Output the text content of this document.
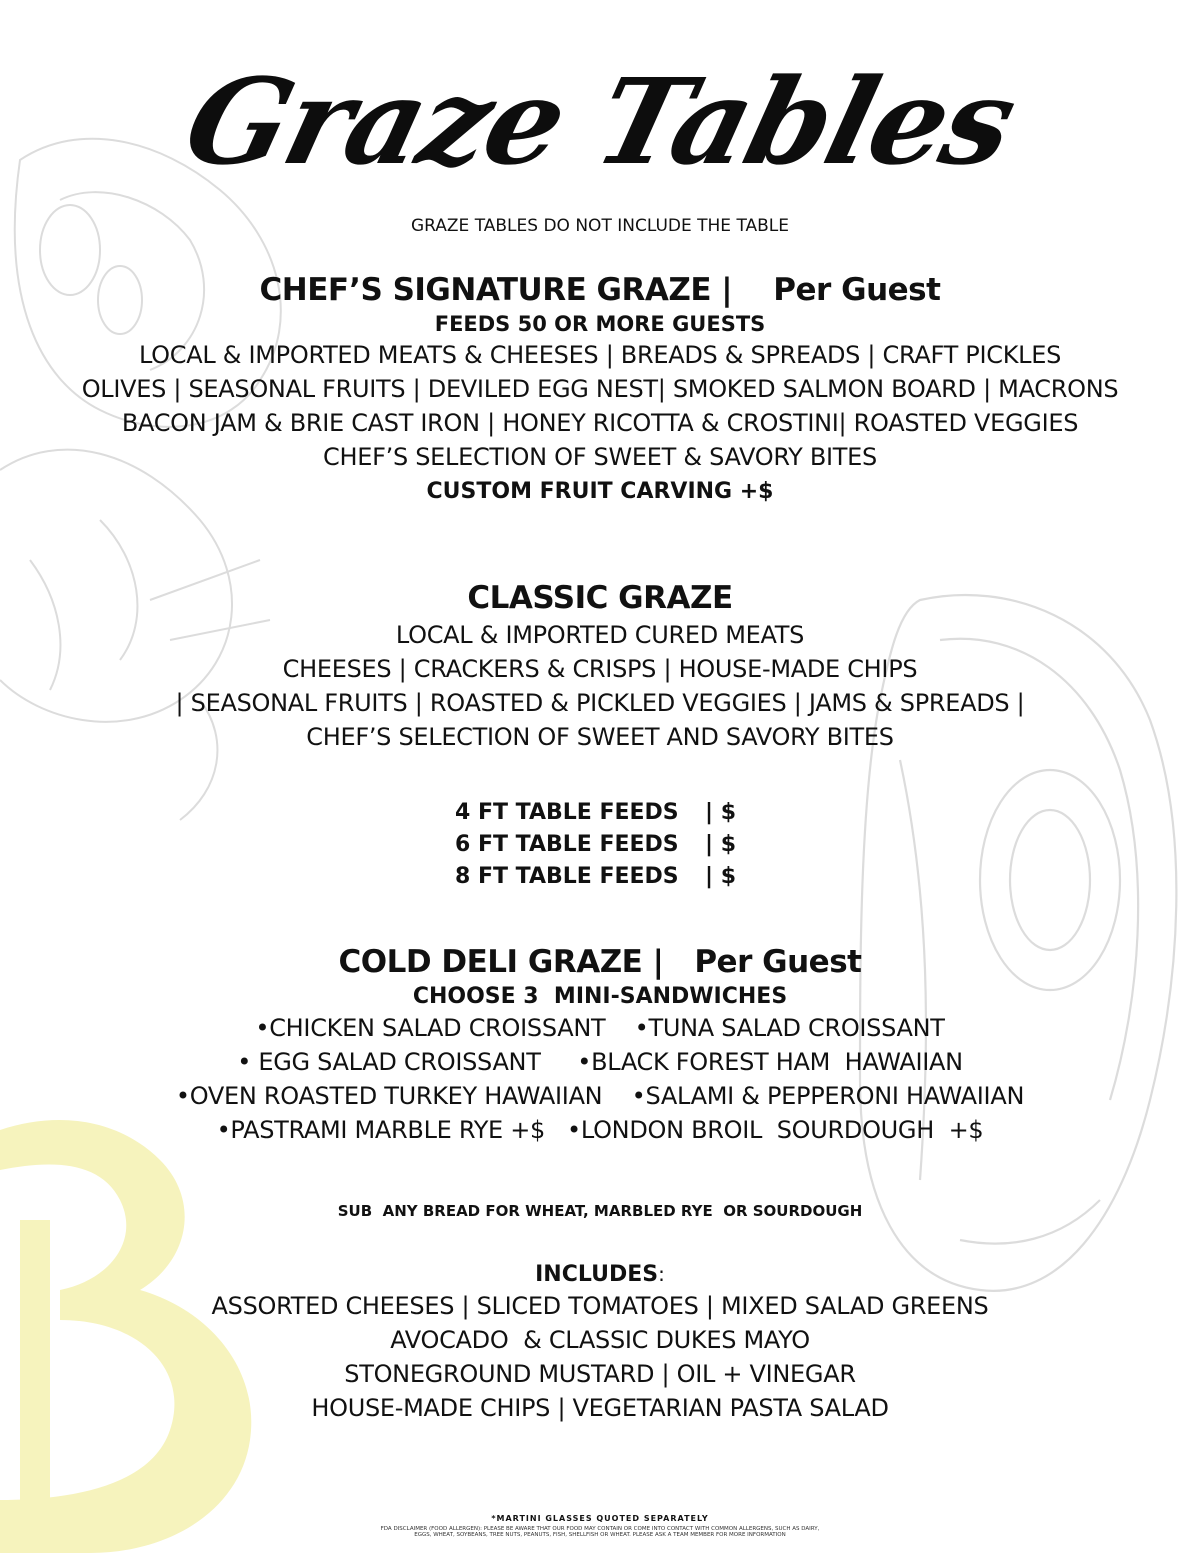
Graze Tables
GRAZE TABLES DO NOT INCLUDE THE TABLE
CHEF’S SIGNATURE GRAZE |    Per Guest
FEEDS 50 OR MORE GUESTS
LOCAL & IMPORTED MEATS & CHEESES | BREADS & SPREADS | CRAFT PICKLES
OLIVES | SEASONAL FRUITS | DEVILED EGG NEST| SMOKED SALMON BOARD | MACRONS
BACON JAM & BRIE CAST IRON | HONEY RICOTTA & CROSTINI| ROASTED VEGGIES
CHEF’S SELECTION OF SWEET & SAVORY BITES
CUSTOM FRUIT CARVING +$
CLASSIC GRAZE
LOCAL & IMPORTED CURED MEATS
CHEESES | CRACKERS & CRISPS | HOUSE-MADE CHIPS
| SEASONAL FRUITS | ROASTED & PICKLED VEGGIES | JAMS & SPREADS |
CHEF’S SELECTION OF SWEET AND SAVORY BITES
4 FT TABLE FEEDS | $
6 FT TABLE FEEDS | $
8 FT TABLE FEEDS | $
COLD DELI GRAZE |   Per Guest
CHOOSE 3  MINI-SANDWICHES
•CHICKEN SALAD CROISSANT    •TUNA SALAD CROISSANT
• EGG SALAD CROISSANT     •BLACK FOREST HAM  HAWAIIAN
•OVEN ROASTED TURKEY HAWAIIAN    •SALAMI & PEPPERONI HAWAIIAN
•PASTRAMI MARBLE RYE +$   •LONDON BROIL  SOURDOUGH  +$
SUB  ANY BREAD FOR WHEAT, MARBLED RYE  OR SOURDOUGH
INCLUDES:
ASSORTED CHEESES | SLICED TOMATOES | MIXED SALAD GREENS
AVOCADO  & CLASSIC DUKES MAYO
STONEGROUND MUSTARD | OIL + VINEGAR
HOUSE-MADE CHIPS | VEGETARIAN PASTA SALAD
*MARTINI GLASSES QUOTED SEPARATELY
FDA DISCLAIMER (FOOD ALLERGEN): PLEASE BE AWARE THAT OUR FOOD MAY CONTAIN OR COME INTO CONTACT WITH COMMON ALLERGENS, SUCH AS DAIRY,
EGGS, WHEAT, SOYBEANS, TREE NUTS, PEANUTS, FISH, SHELLFISH OR WHEAT. PLEASE ASK A TEAM MEMBER FOR MORE INFORMATION
